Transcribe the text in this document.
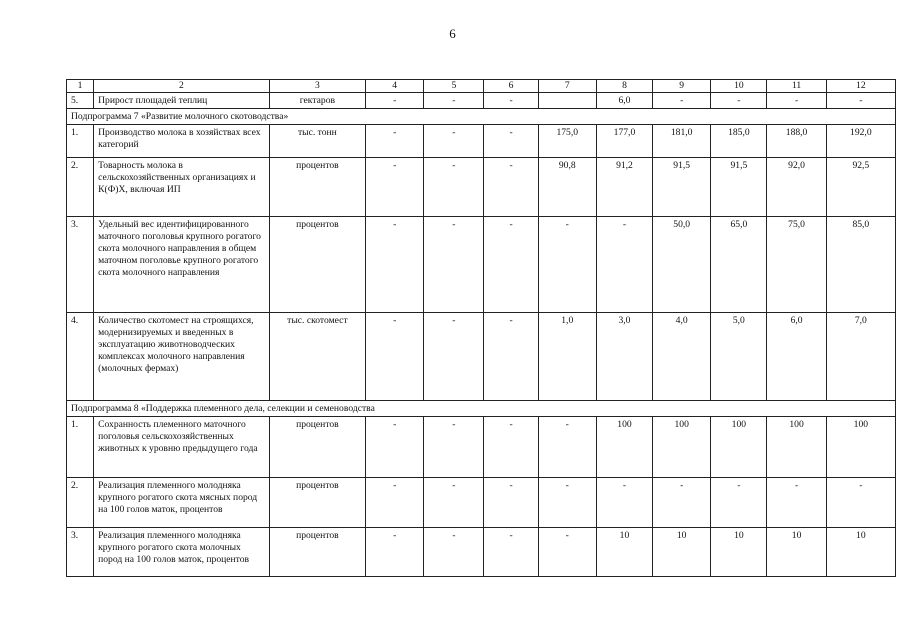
6
1	2	3	4	5	6	7	8	9	10	11	12
5.	Прирост площадей теплиц	гектаров	-	-	-		6,0	-	-	-	-
Подпрограмма 7 «Развитие молочного скотоводства»											
1.	Производство молока в хозяйствах всех категорий	тыс. тонн	-	-	-	175,0	177,0	181,0	185,0	188,0	192,0
2.	Товарность молока в сельскохозяйственных организациях и К(Ф)Х, включая ИП	процентов	-	-	-	90,8	91,2	91,5	91,5	92,0	92,5
3.	Удельный вес идентифицированного маточного поголовья крупного рогатого скота молочного направления в общем маточном поголовье крупного рогатого скота молочного направления	процентов	-	-	-	-	-	50,0	65,0	75,0	85,0
4.	Количество скотомест на строящихся, модернизируемых и введенных в эксплуатацию животноводческих комплексах молочного направления (молочных фермах)	тыс. скотомест	-	-	-	1,0	3,0	4,0	5,0	6,0	7,0
Подпрограмма 8 «Поддержка племенного дела, селекции и семеноводства											
1.	Сохранность племенного маточного поголовья сельскохозяйственных животных к уровню предыдущего года	процентов	-	-	-	-	100	100	100	100	100
2.	Реализация племенного молодняка крупного рогатого скота мясных пород на 100 голов маток, процентов	процентов	-	-	-	-	-	-	-	-	-
3.	Реализация племенного молодняка крупного рогатого скота молочных пород на 100 голов маток, процентов	процентов	-	-	-	-	10	10	10	10	10
